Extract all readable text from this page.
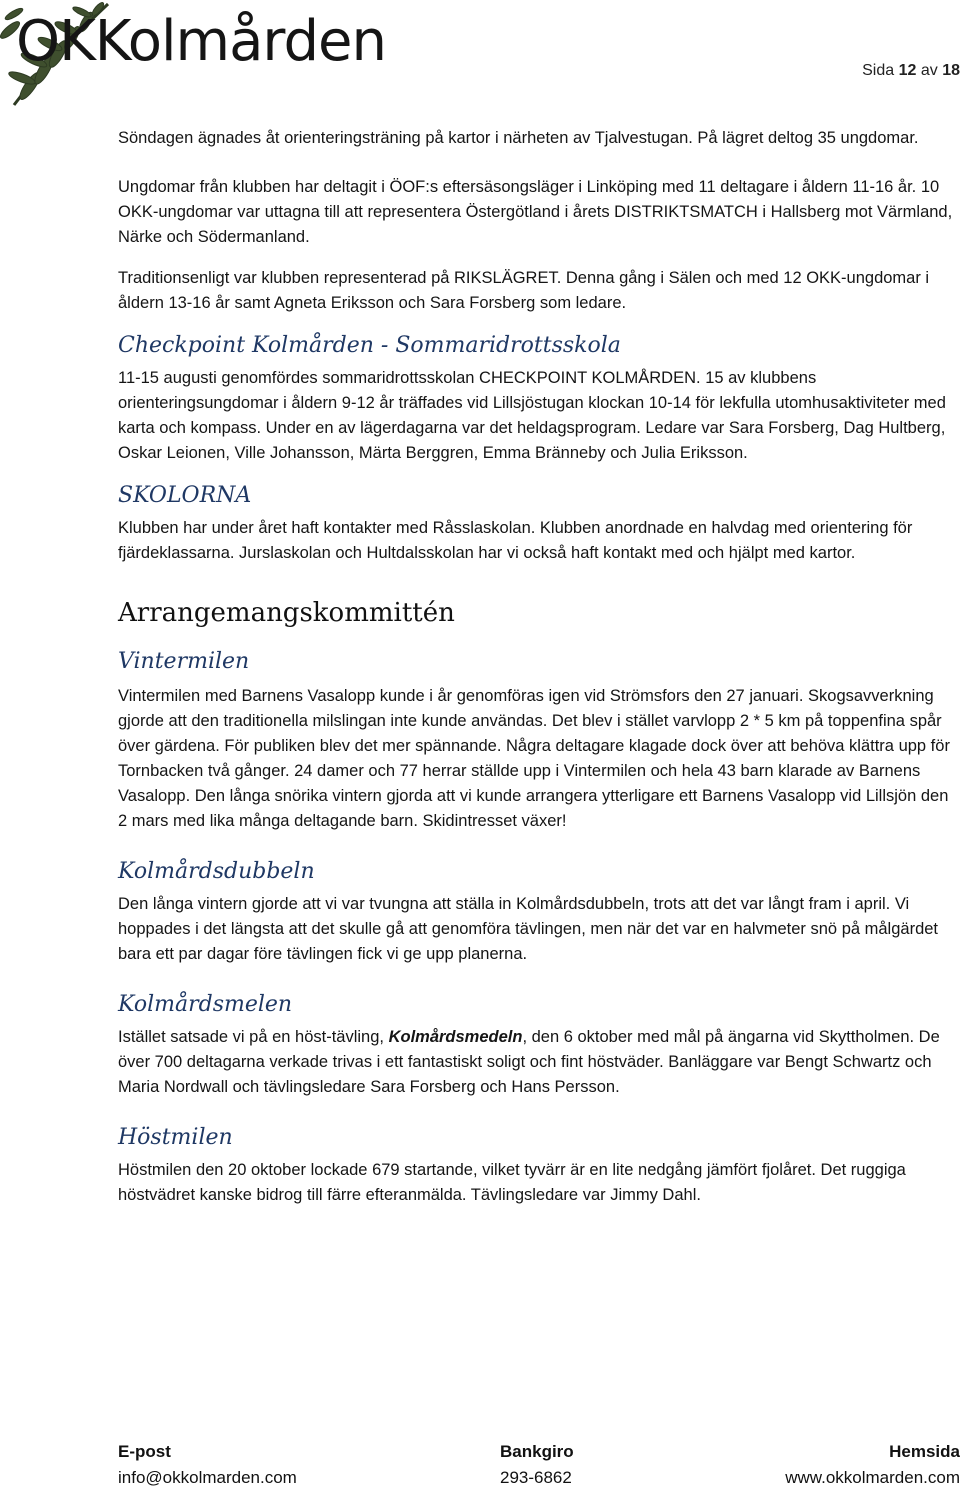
OKKolmården	Sida 12 av 18

Söndagen ägnades åt orienteringsträning på kartor i närheten av Tjalvestugan. På lägret deltog 35 ungdomar.

Ungdomar från klubben har deltagit i ÖOF:s eftersäsongsläger i Linköping med 11 deltagare i åldern 11-16 år. 10 OKK-ungdomar var uttagna till att representera Östergötland i årets DISTRIKTSMATCH i Hallsberg mot Värmland, Närke och Södermanland.

Traditionsenligt var klubben representerad på RIKSLÄGRET. Denna gång i Sälen och med 12 OKK-ungdomar i åldern 13-16 år samt Agneta Eriksson och Sara Forsberg som ledare.

Checkpoint Kolmården - Sommaridrottsskola

11-15 augusti genomfördes sommaridrottsskolan CHECKPOINT KOLMÅRDEN. 15 av klubbens orienteringsungdomar i åldern 9-12 år träffades vid Lillsjöstugan klockan 10-14 för lekfulla utomhusaktiviteter med karta och kompass. Under en av lägerdagarna var det heldagsprogram. Ledare var Sara Forsberg, Dag Hultberg, Oskar Leionen, Ville Johansson, Märta Berggren, Emma Bränneby och Julia Eriksson.

SKOLORNA

Klubben har under året haft kontakter med Råsslaskolan. Klubben anordnade en halvdag med orientering för fjärdeklassarna. Jurslaskolan och Hultdalsskolan har vi också haft kontakt med och hjälpt med kartor.

Arrangemangskommittén
Vintermilen

Vintermilen med Barnens Vasalopp kunde i år genomföras igen vid Strömsfors den 27 januari. Skogsavverkning gjorde att den traditionella milslingan inte kunde användas. Det blev i stället varvlopp 2 * 5 km på toppenfina spår över gärdena. För publiken blev det mer spännande. Några deltagare klagade dock över att behöva klättra upp för Tornbacken två gånger. 24 damer och 77 herrar ställde upp i Vintermilen och hela 43 barn klarade av Barnens Vasalopp. Den långa snörika vintern gjorda att vi kunde arrangera ytterligare ett Barnens Vasalopp vid Lillsjön den 2 mars med lika många deltagande barn. Skidintresset växer!

Kolmårdsdubbeln

Den långa vintern gjorde att vi var tvungna att ställa in Kolmårdsdubbeln, trots att det var långt fram i april. Vi hoppades i det längsta att det skulle gå att genomföra tävlingen, men när det var en halvmeter snö på målgärdet bara ett par dagar före tävlingen fick vi ge upp planerna.

Kolmårdsmelen

Istället satsade vi på en höst-tävling, Kolmårdsmedeln, den 6 oktober med mål på ängarna vid Skyttholmen. De över 700 deltagarna verkade trivas i ett fantastiskt soligt och fint höstväder. Banläggare var Bengt Schwartz och Maria Nordwall och tävlingsledare Sara Forsberg och Hans Persson.

Höstmilen

Höstmilen den 20 oktober lockade 679 startande, vilket tyvärr är en lite nedgång jämfört fjolåret. Det ruggiga höstvädret kanske bidrog till färre efteranmälda. Tävlingsledare var Jimmy Dahl.

E-post	Bankgiro	Hemsida
info@okkolmarden.com	293-6862	www.okkolmarden.com
